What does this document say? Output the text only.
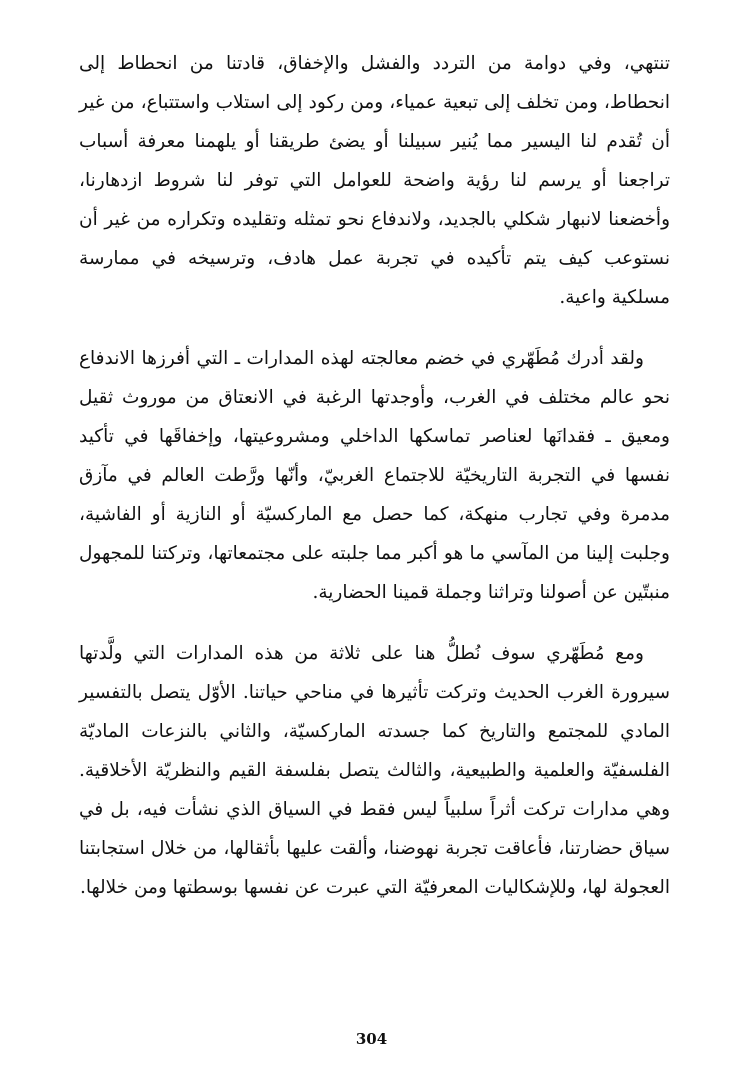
تنتهي، وفي دوامة من التردد والفشل والإخفاق، قادتنا من انحطاط إلى انحطاط، ومن تخلف إلى تبعية عمياء، ومن ركود إلى استلاب واستتباع، من غير أن تُقدم لنا اليسير مما يُنير سبيلنا أو يضئ طريقنا أو يلهمنا معرفة أسباب تراجعنا أو يرسم لنا رؤية واضحة للعوامل التي توفر لنا شروط ازدهارنا، وأخضعنا لانبهار شكلي بالجديد، ولاندفاع نحو تمثله وتقليده وتكراره من غير أن نستوعب كيف يتم تأكيده في تجربة عمل هادف، وترسيخه في ممارسة مسلكية واعية.

ولقد أدرك مُطَهّري في خضم معالجته لهذه المدارات ـ التي أفرزها الاندفاع نحو عالم مختلف في الغرب، وأوجدتها الرغبة في الانعتاق من موروث ثقيل ومعيق ـ فقدانَها لعناصر تماسكها الداخلي ومشروعيتها، وإخفاقَها في تأكيد نفسها في التجربة التاريخيّة للاجتماع الغربيّ، وأنّها ورَّطت العالم في مآزق مدمرة وفي تجارب منهكة، كما حصل مع الماركسيّة أو النازية أو الفاشية، وجلبت إلينا من المآسي ما هو أكبر مما جلبته على مجتمعاتها، وتركتنا للمجهول منبتّين عن أصولنا وتراثنا وجملة قمينا الحضارية.

ومع مُطَهّري سوف نُطلُّ هنا على ثلاثة من هذه المدارات التي ولَّدتها سيرورة الغرب الحديث وتركت تأثيرها في مناحي حياتنا. الأوّل يتصل بالتفسير المادي للمجتمع والتاريخ كما جسدته الماركسيّة، والثاني بالنزعات الماديّة الفلسفيّة والعلمية والطبيعية، والثالث يتصل بفلسفة القيم والنظريّة الأخلاقية. وهي مدارات تركت أثراً سلبياً ليس فقط في السياق الذي نشأت فيه، بل في سياق حضارتنا، فأعاقت تجربة نهوضنا، وألقت عليها بأثقالها، من خلال استجابتنا العجولة لها، وللإشكاليات المعرفيّة التي عبرت عن نفسها بوسطتها ومن خلالها.

304
